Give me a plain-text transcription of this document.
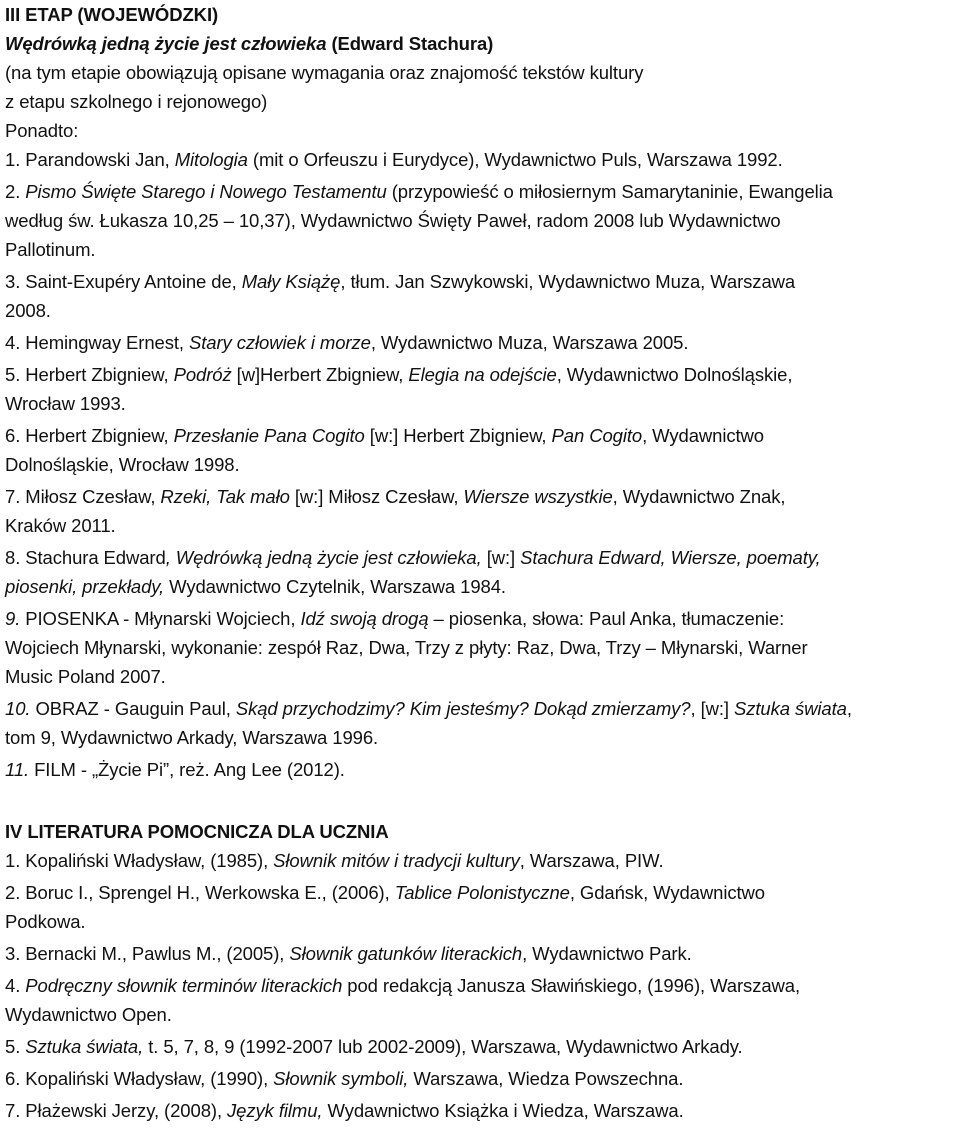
III ETAP (WOJEWÓDZKI)
Wędrówką jedną życie jest człowieka (Edward Stachura)
(na tym etapie obowiązują opisane wymagania oraz znajomość tekstów kultury
z etapu szkolnego i rejonowego)
Ponadto:
1. Parandowski Jan, Mitologia (mit o Orfeuszu i Eurydyce), Wydawnictwo Puls, Warszawa 1992.
2. Pismo Święte Starego i Nowego Testamentu (przypowieść o miłosiernym Samarytaninie, Ewangelia
według św. Łukasza 10,25 – 10,37), Wydawnictwo Święty Paweł, radom 2008 lub Wydawnictwo
Pallotinum.
3. Saint-Exupéry Antoine de, Mały Książę, tłum. Jan Szwykowski, Wydawnictwo Muza, Warszawa
2008.
4. Hemingway Ernest, Stary człowiek i morze, Wydawnictwo Muza, Warszawa 2005.
5. Herbert Zbigniew, Podróż [w]Herbert Zbigniew, Elegia na odejście, Wydawnictwo Dolnośląskie,
Wrocław 1993.
6. Herbert Zbigniew, Przesłanie Pana Cogito [w:] Herbert Zbigniew, Pan Cogito, Wydawnictwo
Dolnośląskie, Wrocław 1998.
7. Miłosz Czesław, Rzeki, Tak mało [w:] Miłosz Czesław, Wiersze wszystkie, Wydawnictwo Znak,
Kraków 2011.
8. Stachura Edward, Wędrówką jedną życie jest człowieka, [w:] Stachura Edward, Wiersze, poematy,
piosenki, przekłady, Wydawnictwo Czytelnik, Warszawa 1984.
9. PIOSENKA - Młynarski Wojciech, Idź swoją drogą – piosenka, słowa: Paul Anka, tłumaczenie:
Wojciech Młynarski, wykonanie: zespół Raz, Dwa, Trzy z płyty: Raz, Dwa, Trzy – Młynarski, Warner
Music Poland 2007.
10. OBRAZ - Gauguin Paul, Skąd przychodzimy? Kim jesteśmy? Dokąd zmierzamy?, [w:] Sztuka świata,
tom 9, Wydawnictwo Arkady, Warszawa 1996.
11. FILM - „Życie Pi”, reż. Ang Lee (2012).
IV LITERATURA POMOCNICZA DLA UCZNIA
1. Kopaliński Władysław, (1985), Słownik mitów i tradycji kultury, Warszawa, PIW.
2. Boruc I., Sprengel H., Werkowska E., (2006), Tablice Polonistyczne, Gdańsk, Wydawnictwo
Podkowa.
3. Bernacki M., Pawlus M., (2005), Słownik gatunków literackich, Wydawnictwo Park.
4. Podręczny słownik terminów literackich pod redakcją Janusza Sławińskiego, (1996), Warszawa,
Wydawnictwo Open.
5. Sztuka świata, t. 5, 7, 8, 9 (1992-2007 lub 2002-2009), Warszawa, Wydawnictwo Arkady.
6. Kopaliński Władysław, (1990), Słownik symboli, Warszawa, Wiedza Powszechna.
7. Płażewski Jerzy, (2008), Język filmu, Wydawnictwo Książka i Wiedza, Warszawa.
